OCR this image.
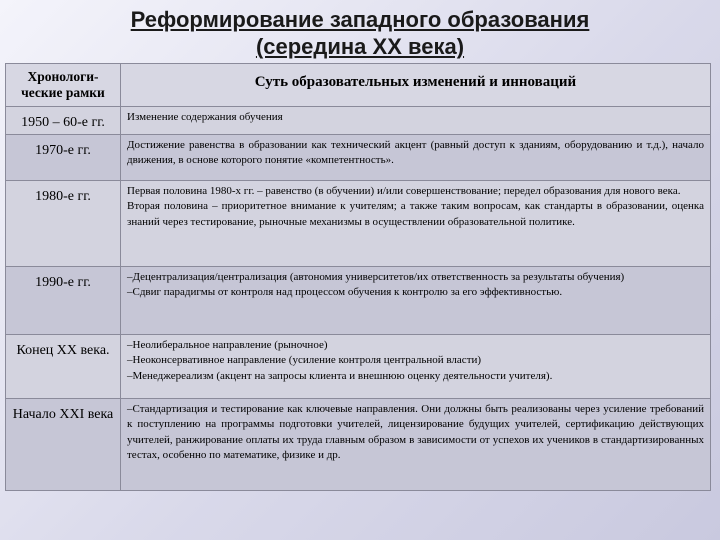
Реформирование западного образования
(середина XX века)
Хронологи-ческие рамки	Суть образовательных изменений и инноваций
1950 – 60-е гг.	Изменение содержания обучения

1970-е гг.	Достижение равенства в образовании как технический акцент (равный доступ к зданиям, оборудованию и т.д.), начало движения, в основе которого понятие «компетентность».

1980-е гг.	Первая половина 1980-х гг. – равенство (в обучении) и/или совершенствование; передел образования для нового века.
Вторая половина – приоритетное внимание к учителям; а также таким вопросам, как стандарты в образовании, оценка знаний через тестирование, рыночные механизмы в осуществлении образовательной политике.

1990-е гг.	–Децентрализация/централизация (автономия университетов/их ответственность за результаты обучения)
–Сдвиг парадигмы от контроля над процессом обучения к контролю за его эффективностью.

Конец XX века.	–Неолиберальное направление (рыночное)
–Неоконсервативное направление (усиление контроля центральной власти)
–Менеджереализм (акцент на запросы клиента и внешнюю оценку деятельности учителя).

Начало XXI века	–Стандартизация и тестирование как ключевые направления. Они должны быть реализованы через усиление требований к поступлению на программы подготовки учителей, лицензирование будущих учителей, сертификацию действующих учителей, ранжирование оплаты их труда главным образом в зависимости от успехов их учеников в стандартизированных тестах, особенно по математике, физике и др.
